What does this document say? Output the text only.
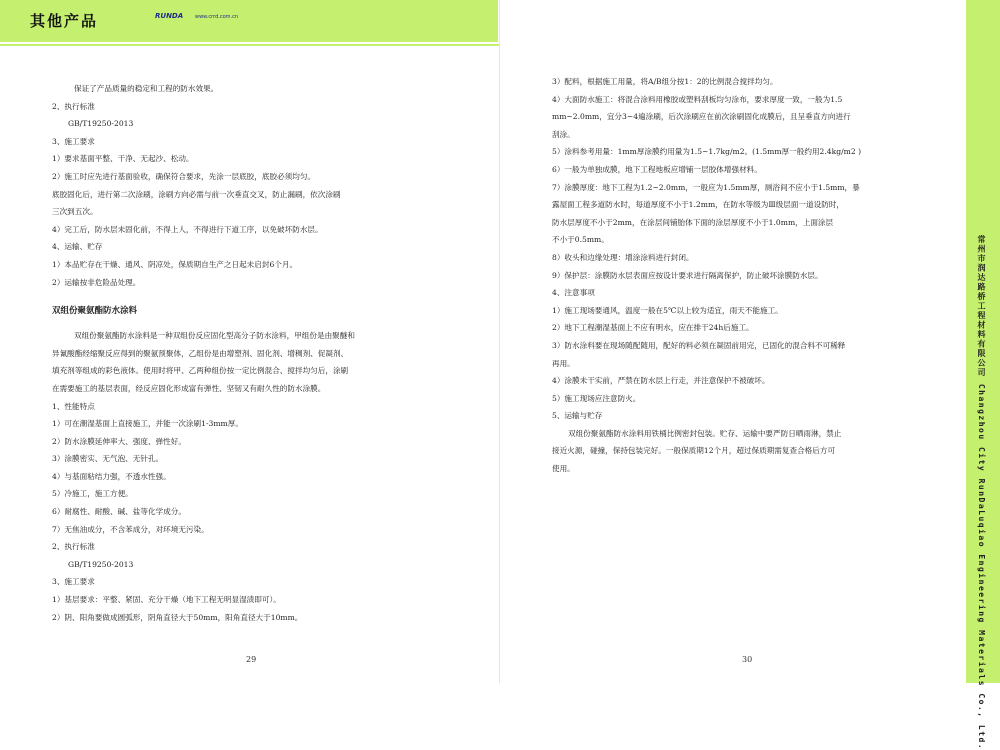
其他产品	RUNDA www.crrd.com.cn
常州市润达路桥工程材料有限公司 Changzhou City RunDaLuqiao Engineering Materials Co., Ltd.
保证了产品质量的稳定和工程的防水效果。
2、执行标准
GB/T19250-2013
3、施工要求
1）要求基面平整、干净、无起沙、松动。
2）施工时应先进行基面验收，确保符合要求，先涂一层底胶，底胶必须均匀。
底胶固化后，进行第二次涂刷，涂刷方向必需与前一次垂直交叉，防止漏刷，依次涂刷
三次到五次。
4）完工后，防水层未固化前，不得上人，不得进行下道工序，以免破坏防水层。
4、运输、贮存
1）本品贮存在干燥、通风、阴凉处，保质期自生产之日起未启封6个月。
2）运输按非危险品处理。
双组份聚氨酯防水涂料
双组份聚氨酯防水涂料是一种双组份反应固化型高分子防水涂料，甲组份是由聚醚和
异氰酸酯经缩聚反应得到的聚氨预聚体，乙组份是由增塑剂、固化剂、增稠剂、促凝剂、
填充剂等组成的彩色液体。使用时将甲、乙两种组份按一定比例混合、搅拌均匀后，涂刷
在需要施工的基层表面，经反应固化形成富有弹性、坚韧又有耐久性的防水涂膜。
1、性能特点
1）可在潮湿基面上直接施工，并能一次涂刷1-3mm厚。
2）防水涂膜延伸率大、强度、弹性好。
3）涂膜密实、无气泡、无针孔。
4）与基面粘结力强，不透水性强。
5）冷施工，施工方便。
6）耐腐性、耐酸、碱、盐等化学成分。
7）无焦油成分，不含苯成分，对环境无污染。
2、执行标准
GB/T19250-2013
3、施工要求
1）基层要求：平整、紧固、充分干燥（地下工程无明显湿渍即可）。
2）阴、阳角要做成圆弧形，阴角直径大于50mm，阳角直径大于10mm。
3）配料，根据施工用量，将A/B组分按1：2的比例混合搅拌均匀。
4）大面防水施工：将混合涂料用橡胶或塑料刮板均匀涂布，要求厚度一致，一般为1.5
mm~2.0mm，宜分3~4遍涂刷，后次涂刷应在前次涂刷固化成膜后，且呈垂直方向进行
刮涂。
5）涂料参考用量：1mm厚涂膜约用量为1.5~1.7kg/m2。(1.5mm厚一般约用2.4kg/m2 )
6）一般为单独成膜，地下工程地板应增铺一层胶体增强材料。
7）涂膜厚度：地下工程为1.2~2.0mm，一般应为1.5mm厚，厕浴间不应小于1.5mm，暴
露屋面工程多道防水时，每道厚度不小于1.2mm，在防水等级为Ⅲ级层面一道设防时，
防水层厚度不小于2mm，在涂层间铺胎体下面的涂层厚度不小于1.0mm，上面涂层
不小于0.5mm。
8）收头和边缘处理：增涂涂料进行封闭。
9）保护层：涂膜防水层表面应按设计要求进行隔离保护，防止破坏涂膜防水层。
4、注意事项
1）施工现场要通风，温度一般在5℃以上较为适宜，雨天不能施工。
2）地下工程潮湿基面上不应有明水，应在排干24h后施工。
3）防水涂料要在现场随配随用，配好的料必须在凝固前用完，已固化的混合料不可稀释
再用。
4）涂膜未干实前，严禁在防水层上行走，并注意保护不被破坏。
5）施工现场应注意防火。
5、运输与贮存
双组份聚氨酯防水涂料用铁桶比例密封包装。贮存、运输中要严防日晒雨淋，禁止
接近火源，碰撞，保持包装完好。一般保质期12个月，超过保质期需复查合格后方可
使用。
29	30
